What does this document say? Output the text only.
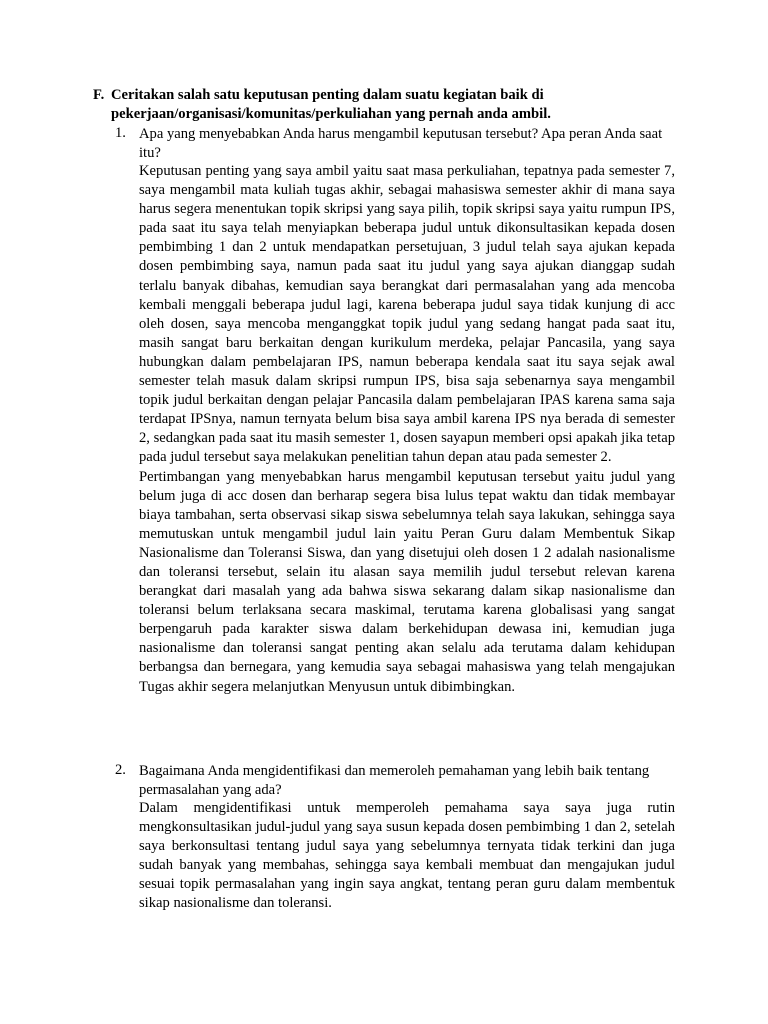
F. Ceritakan salah satu keputusan penting dalam suatu kegiatan baik di pekerjaan/organisasi/komunitas/perkuliahan yang pernah anda ambil.
1. Apa yang menyebabkan Anda harus mengambil keputusan tersebut? Apa peran Anda saat itu?

Keputusan penting yang saya ambil yaitu saat masa perkuliahan, tepatnya pada semester 7, saya mengambil mata kuliah tugas akhir, sebagai mahasiswa semester akhir di mana saya harus segera menentukan topik skripsi yang saya pilih, topik skripsi saya yaitu rumpun IPS, pada saat itu saya telah menyiapkan beberapa judul untuk dikonsultasikan kepada dosen pembimbing 1 dan 2 untuk mendapatkan persetujuan, 3 judul telah saya ajukan kepada dosen pembimbing saya, namun pada saat itu judul yang saya ajukan dianggap sudah terlalu banyak dibahas, kemudian saya berangkat dari permasalahan yang ada mencoba kembali menggali beberapa judul lagi, karena beberapa judul saya tidak kunjung di acc oleh dosen, saya mencoba menganggkat topik judul yang sedang hangat pada saat itu, masih sangat baru berkaitan dengan kurikulum merdeka, pelajar Pancasila, yang saya hubungkan dalam pembelajaran IPS, namun beberapa kendala saat itu saya sejak awal semester telah masuk dalam skripsi rumpun IPS, bisa saja sebenarnya saya mengambil topik judul berkaitan dengan pelajar Pancasila dalam pembelajaran IPAS karena sama saja terdapat IPSnya, namun ternyata belum bisa saya ambil karena IPS nya berada di semester 2, sedangkan pada saat itu masih semester 1, dosen sayapun memberi opsi apakah jika tetap pada judul tersebut saya melakukan penelitian tahun depan atau pada semester 2.

Pertimbangan yang menyebabkan harus mengambil keputusan tersebut yaitu judul yang belum juga di acc dosen dan berharap segera bisa lulus tepat waktu dan tidak membayar biaya tambahan, serta observasi sikap siswa sebelumnya telah saya lakukan, sehingga saya memutuskan untuk mengambil judul lain yaitu Peran Guru dalam Membentuk Sikap Nasionalisme dan Toleransi Siswa, dan yang disetujui oleh dosen 1 2 adalah nasionalisme dan toleransi tersebut, selain itu alasan saya memilih judul tersebut relevan karena berangkat dari masalah yang ada bahwa siswa sekarang dalam sikap nasionalisme dan toleransi belum terlaksana secara maskimal, terutama karena globalisasi yang sangat berpengaruh pada karakter siswa dalam berkehidupan dewasa ini, kemudian juga nasionalisme dan toleransi sangat penting akan selalu ada terutama dalam kehidupan berbangsa dan bernegara, yang kemudia saya sebagai mahasiswa yang telah mengajukan Tugas akhir segera melanjutkan Menyusun untuk dibimbingkan.

2. Bagaimana Anda mengidentifikasi dan memeroleh pemahaman yang lebih baik tentang permasalahan yang ada?

Dalam mengidentifikasi untuk memperoleh pemahama saya saya juga rutin mengkonsultasikan judul-judul yang saya susun kepada dosen pembimbing 1 dan 2, setelah saya berkonsultasi tentang judul saya yang sebelumnya ternyata tidak terkini dan juga sudah banyak yang membahas, sehingga saya kembali membuat dan mengajukan judul sesuai topik permasalahan yang ingin saya angkat, tentang peran guru dalam membentuk sikap nasionalisme dan toleransi.
